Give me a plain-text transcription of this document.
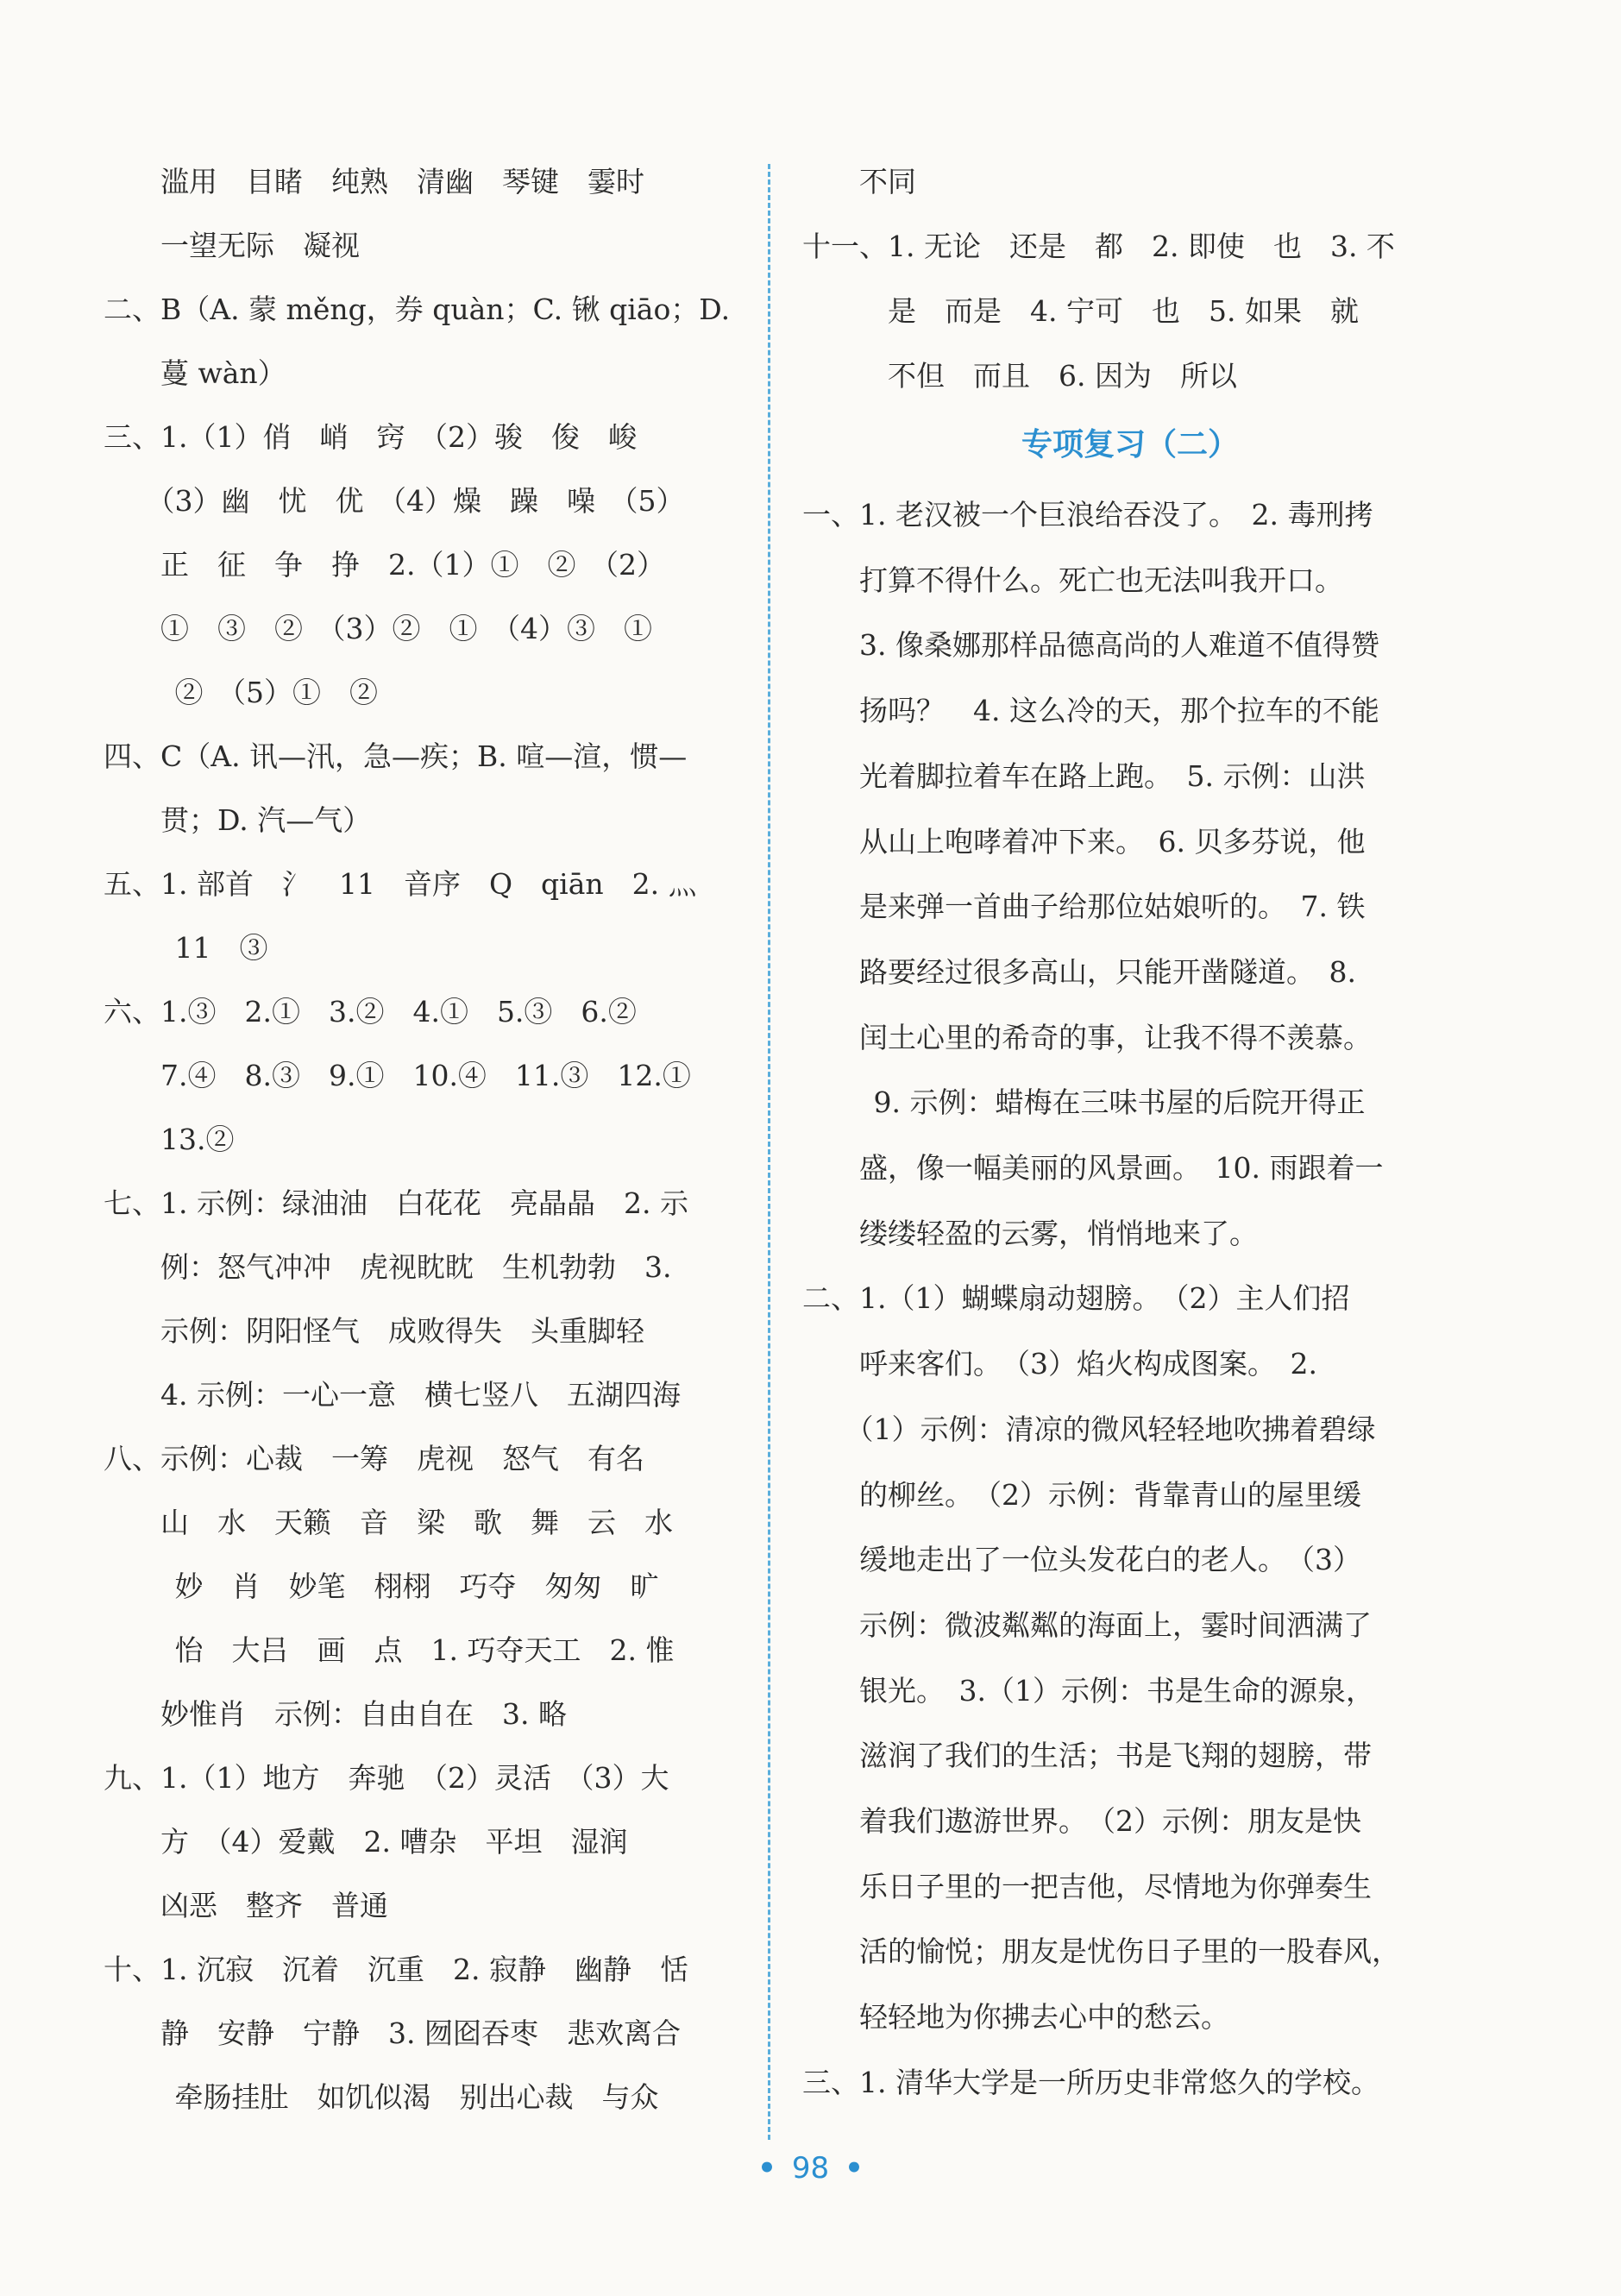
　　滥用　目睹　纯熟　清幽　琴键　霎时
　　一望无际　凝视
二、B（A. 蒙 měng，券 quàn；C. 锹 qiāo；D.
　　蔓 wàn）
三、1.（1）俏　峭　窍　（2）骏　俊　峻
　　（3）幽　忧　优　（4）燥　躁　噪　（5）
　　正　征　争　挣　2.（1）①　②　（2）
　　①　③　②　（3）②　①　（4）③　①
　　 ②　（5）①　②
四、C（A. 讯—汛，急—疾；B. 喧—渲，惯—
　　贯；D. 汽—气）
五、1. 部首　氵　11　音序　Q　qiān　2. 灬
　　 11　③
六、1.③　2.①　3.②　4.①　5.③　6.②
　　7.④　8.③　9.①　10.④　11.③　12.①
　　13.②
七、1. 示例：绿油油　白花花　亮晶晶　2. 示
　　例：怒气冲冲　虎视眈眈　生机勃勃　3.
　　示例：阴阳怪气　成败得失　头重脚轻
　　4. 示例：一心一意　横七竖八　五湖四海
八、示例：心裁　一筹　虎视　怒气　有名
　　山　水　天籁　音　梁　歌　舞　云　水
　　 妙　肖　妙笔　栩栩　巧夺　匆匆　旷
　　 怡　大吕　画　点　1. 巧夺天工　2. 惟
　　妙惟肖　示例：自由自在　3. 略
九、1.（1）地方　奔驰　（2）灵活　（3）大
　　方　（4）爱戴　2. 嘈杂　平坦　湿润
　　凶恶　整齐　普通
十、1. 沉寂　沉着　沉重　2. 寂静　幽静　恬
　　静　安静　宁静　3. 囫囵吞枣　悲欢离合
　　 牵肠挂肚　如饥似渴　别出心裁　与众
专项复习（二）
　　不同
十一、1. 无论　还是　都　2. 即使　也　3. 不
　　　是　而是　4. 宁可　也　5. 如果　就
　　　不但　而且　6. 因为　所以
一、1. 老汉被一个巨浪给吞没了。　2. 毒刑拷
　　打算不得什么。死亡也无法叫我开口。
　　3. 像桑娜那样品德高尚的人难道不值得赞
　　扬吗？　4. 这么冷的天，那个拉车的不能
　　光着脚拉着车在路上跑。　5. 示例：山洪
　　从山上咆哮着冲下来。　6. 贝多芬说，他
　　是来弹一首曲子给那位姑娘听的。　7. 铁
　　路要经过很多高山，只能开凿隧道。　8.
　　闰土心里的希奇的事，让我不得不羡慕。
　　 9. 示例：蜡梅在三味书屋的后院开得正
　　盛，像一幅美丽的风景画。　10. 雨跟着一
　　缕缕轻盈的云雾，悄悄地来了。
二、1.（1）蝴蝶扇动翅膀。　（2）主人们招
　　呼来客们。　（3）焰火构成图案。　2.
　　（1）示例：清凉的微风轻轻地吹拂着碧绿
　　的柳丝。　（2）示例：背靠青山的屋里缓
　　缓地走出了一位头发花白的老人。　（3）
　　示例：微波粼粼的海面上，霎时间洒满了
　　银光。　3.（1）示例：书是生命的源泉，
　　滋润了我们的生活；书是飞翔的翅膀，带
　　着我们遨游世界。　（2）示例：朋友是快
　　乐日子里的一把吉他，尽情地为你弹奏生
　　活的愉悦；朋友是忧伤日子里的一股春风，
　　轻轻地为你拂去心中的愁云。
三、1. 清华大学是一所历史非常悠久的学校。
• 98 •
